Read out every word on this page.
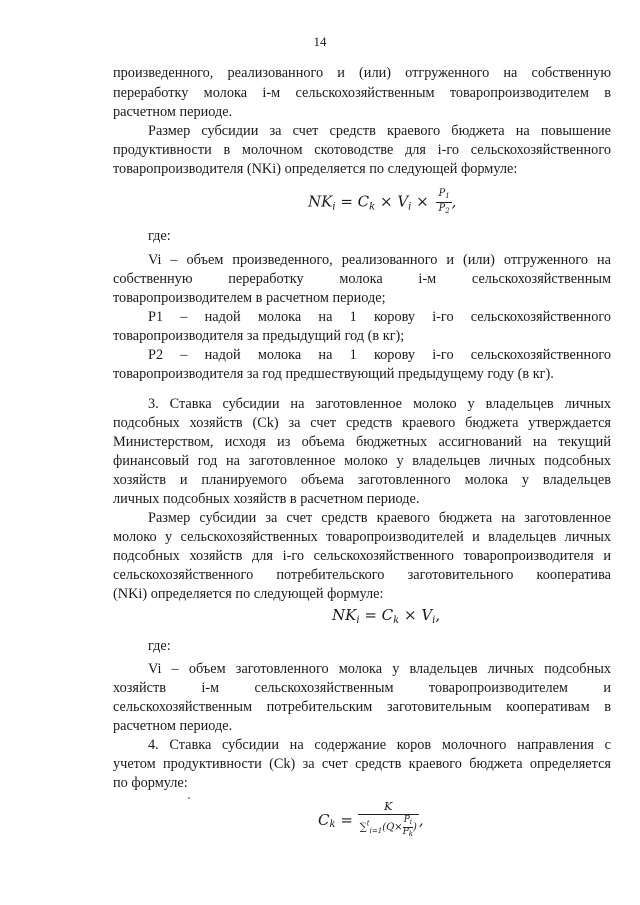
14
произведенного, реализованного и (или) отгруженного на собственную
переработку молока i-м сельскохозяйственным товаропроизводителем в
расчетном периоде.
Размер субсидии за счет средств краевого бюджета на повышение
продуктивности в молочном скотоводстве для i-го сельскохозяйственного
товаропроизводителя (NKi) определяется по следующей формуле:
$NK_i = C_k \times V_i \times \frac{P_1}{P_2}$ ,
где:
Vi – объем произведенного, реализованного и (или) отгруженного на
собственную переработку молока i-м сельскохозяйственным
товаропроизводителем в расчетном периоде;
P1 – надой молока на 1 корову i-го сельскохозяйственного
товаропроизводителя за предыдущий год (в кг);
P2 – надой молока на 1 корову i-го сельскохозяйственного
товаропроизводителя за год предшествующий предыдущему году (в кг).
3. Ставка субсидии на заготовленное молоко у владельцев личных
подсобных хозяйств (Ck) за счет средств краевого бюджета утверждается
Министерством, исходя из объема бюджетных ассигнований на текущий
финансовый год на заготовленное молоко у владельцев личных подсобных
хозяйств и планируемого объема заготовленного молока у владельцев
личных подсобных хозяйств в расчетном периоде.
Размер субсидии за счет средств краевого бюджета на заготовленное
молоко у сельскохозяйственных товаропроизводителей и владельцев личных
подсобных хозяйств для i-го сельскохозяйственного товаропроизводителя и
сельскохозяйственного потребительского заготовительного кооператива
(NKi) определяется по следующей формуле:
$NK_i = C_k \times V_i$,
где:
Vi – объем заготовленного молока у владельцев личных подсобных
хозяйств i-м сельскохозяйственным товаропроизводителем и
сельскохозяйственным потребительским заготовительным кооперативам в
расчетном периоде.
4. Ставка субсидии на содержание коров молочного направления с
учетом продуктивности (Ck) за счет средств краевого бюджета определяется
по формуле:
$C_k = \frac{K}{\sum^t_{i=1}(Q\times \frac{P_i}{P_k} )}$ ,
